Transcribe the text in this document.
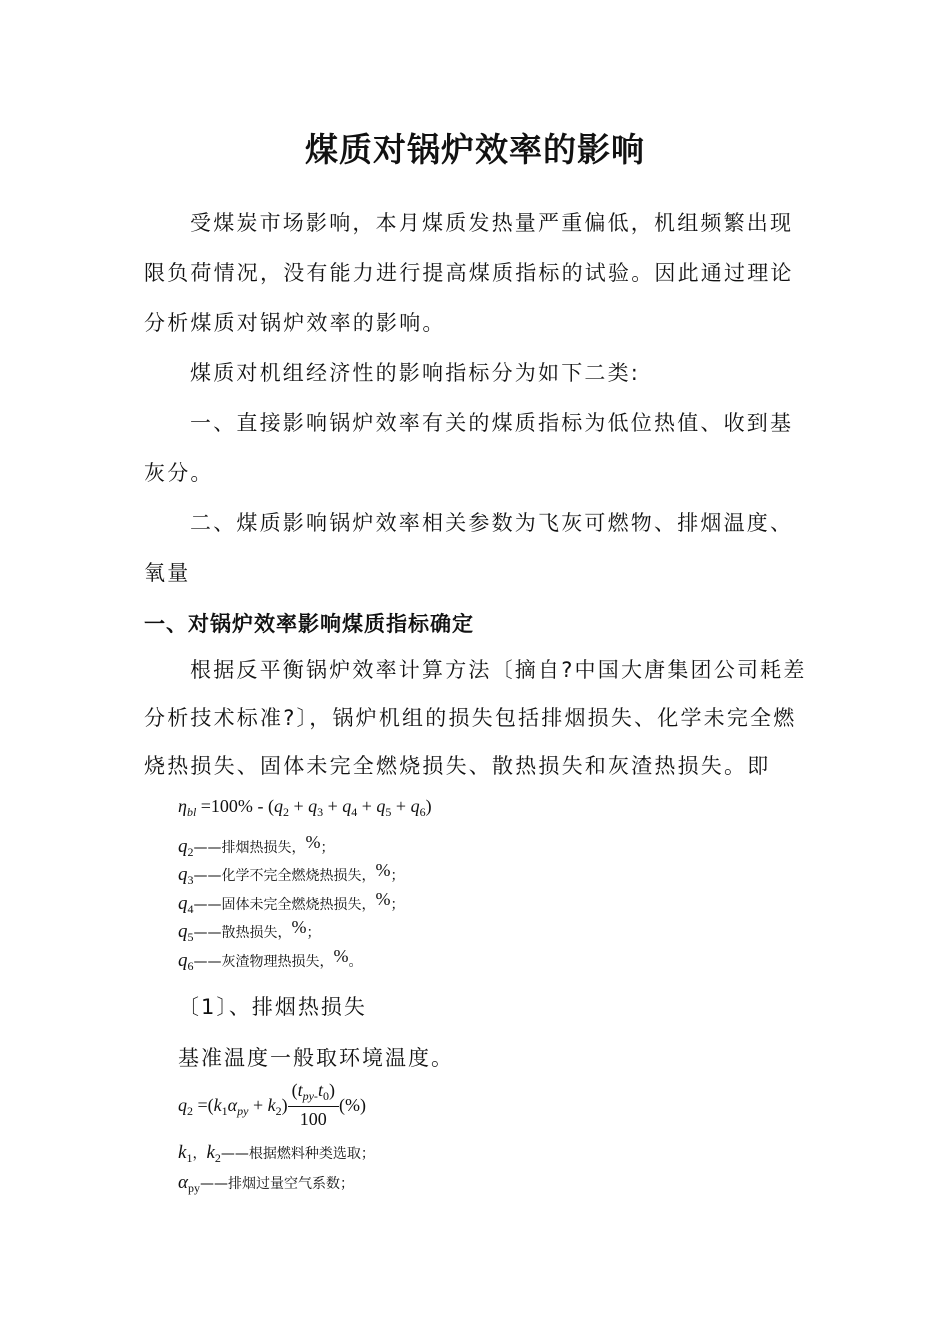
煤质对锅炉效率的影响

受煤炭市场影响，本月煤质发热量严重偏低，机组频繁出现限负荷情况，没有能力进行提高煤质指标的试验。因此通过理论分析煤质对锅炉效率的影响。

煤质对机组经济性的影响指标分为如下二类:

一、直接影响锅炉效率有关的煤质指标为低位热值、收到基灰分。

二、煤质影响锅炉效率相关参数为飞灰可燃物、排烟温度、氧量

一、对锅炉效率影响煤质指标确定

根据反平衡锅炉效率计算方法〔摘自?中国大唐集团公司耗差分析技术标准?〕，锅炉机组的损失包括排烟损失、化学未完全燃烧热损失、固体未完全燃烧损失、散热损失和灰渣热损失。即

$\eta_{bl} =100\% - (q_2 + q_3 + q_4 + q_5 + q_6)$
$q_2——$排烟热损失，%；
$q_3——$化学不完全燃烧热损失，%；
$q_4——$固体未完全燃烧热损失，%；
$q_5——$散热损失，%；
$q_6——$灰渣物理热损失，%。
〔1〕、排烟热损失
基准温度一般取环境温度。
$q_2 =(k_1\alpha_{py} + k_2) \frac{(t_{py-}t_0)}{100}$ (%)
$k_1$，$k_2——$根据燃料种类选取；
$\alpha_{py}——$排烟过量空气系数；
